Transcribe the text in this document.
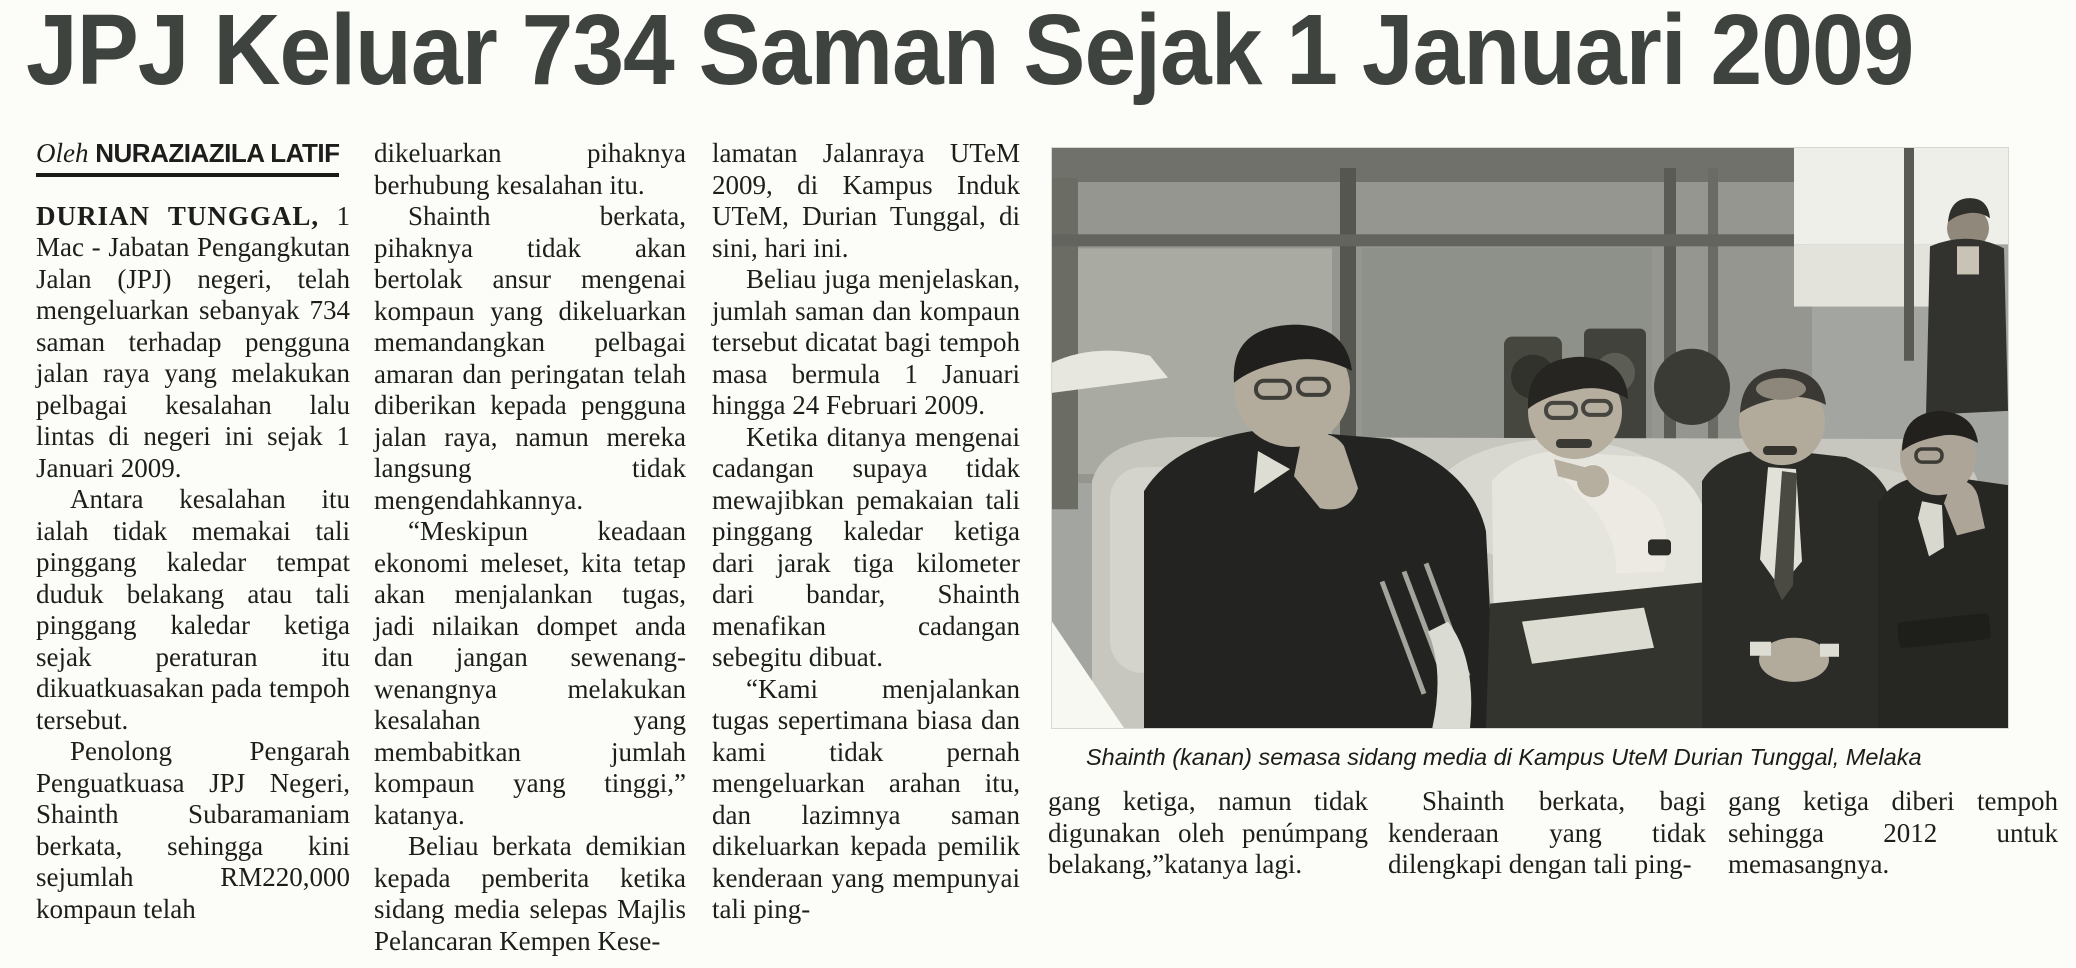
JPJ Keluar 734 Saman Sejak 1 Januari 2009
Oleh NURAZIAZILA LATIF

DURIAN TUNGGAL, 1 Mac - Jabatan Pengangkutan Jalan (JPJ) negeri, telah mengeluarkan sebanyak 734 saman terhadap pengguna jalan raya yang melakukan pelbagai kesalahan lalu lintas di negeri ini sejak 1 Januari 2009.

Antara kesalahan itu ialah tidak memakai tali pinggang kaledar tempat duduk belakang atau tali pinggang kaledar ketiga sejak peraturan itu dikuatkuasakan pada tempoh tersebut.

Penolong Pengarah Penguatkuasa JPJ Negeri, Shainth Subaramaniam berkata, sehingga kini sejumlah RM220,000 kompaun telah

dikeluarkan pihaknya berhubung kesalahan itu.

Shainth berkata, pihaknya tidak akan bertolak ansur mengenai kompaun yang dikeluarkan memandangkan pelbagai amaran dan peringatan telah diberikan kepada pengguna jalan raya, namun mereka langsung tidak mengendahkannya.

“Meskipun keadaan ekonomi meleset, kita tetap akan menjalankan tugas, jadi nilaikan dompet anda dan jangan sewenang-wenangnya melakukan kesalahan yang membabitkan jumlah kompaun yang tinggi,” katanya.

Beliau berkata demikian kepada pemberita ketika sidang media selepas Majlis Pelancaran Kempen Kese-

lamatan Jalanraya UTeM 2009, di Kampus Induk UTeM, Durian Tunggal, di sini, hari ini.

Beliau juga menjelaskan, jumlah saman dan kompaun tersebut dicatat bagi tempoh masa bermula 1 Januari hingga 24 Februari 2009.

Ketika ditanya mengenai cadangan supaya tidak mewajibkan pemakaian tali pinggang kaledar ketiga dari jarak tiga kilometer dari bandar, Shainth menafikan cadangan sebegitu dibuat.

“Kami menjalankan tugas sepertimana biasa dan kami tidak pernah mengeluarkan arahan itu, dan lazimnya saman dikeluarkan kepada pemilik kenderaan yang mempunyai tali ping-

Shainth (kanan) semasa sidang media di Kampus UteM Durian Tunggal, Melaka

gang ketiga, namun tidak digunakan oleh penúmpang belakang,”katanya lagi.

Shainth berkata, bagi kenderaan yang tidak dilengkapi dengan tali ping-

gang ketiga diberi tempoh sehingga 2012 untuk memasangnya.
